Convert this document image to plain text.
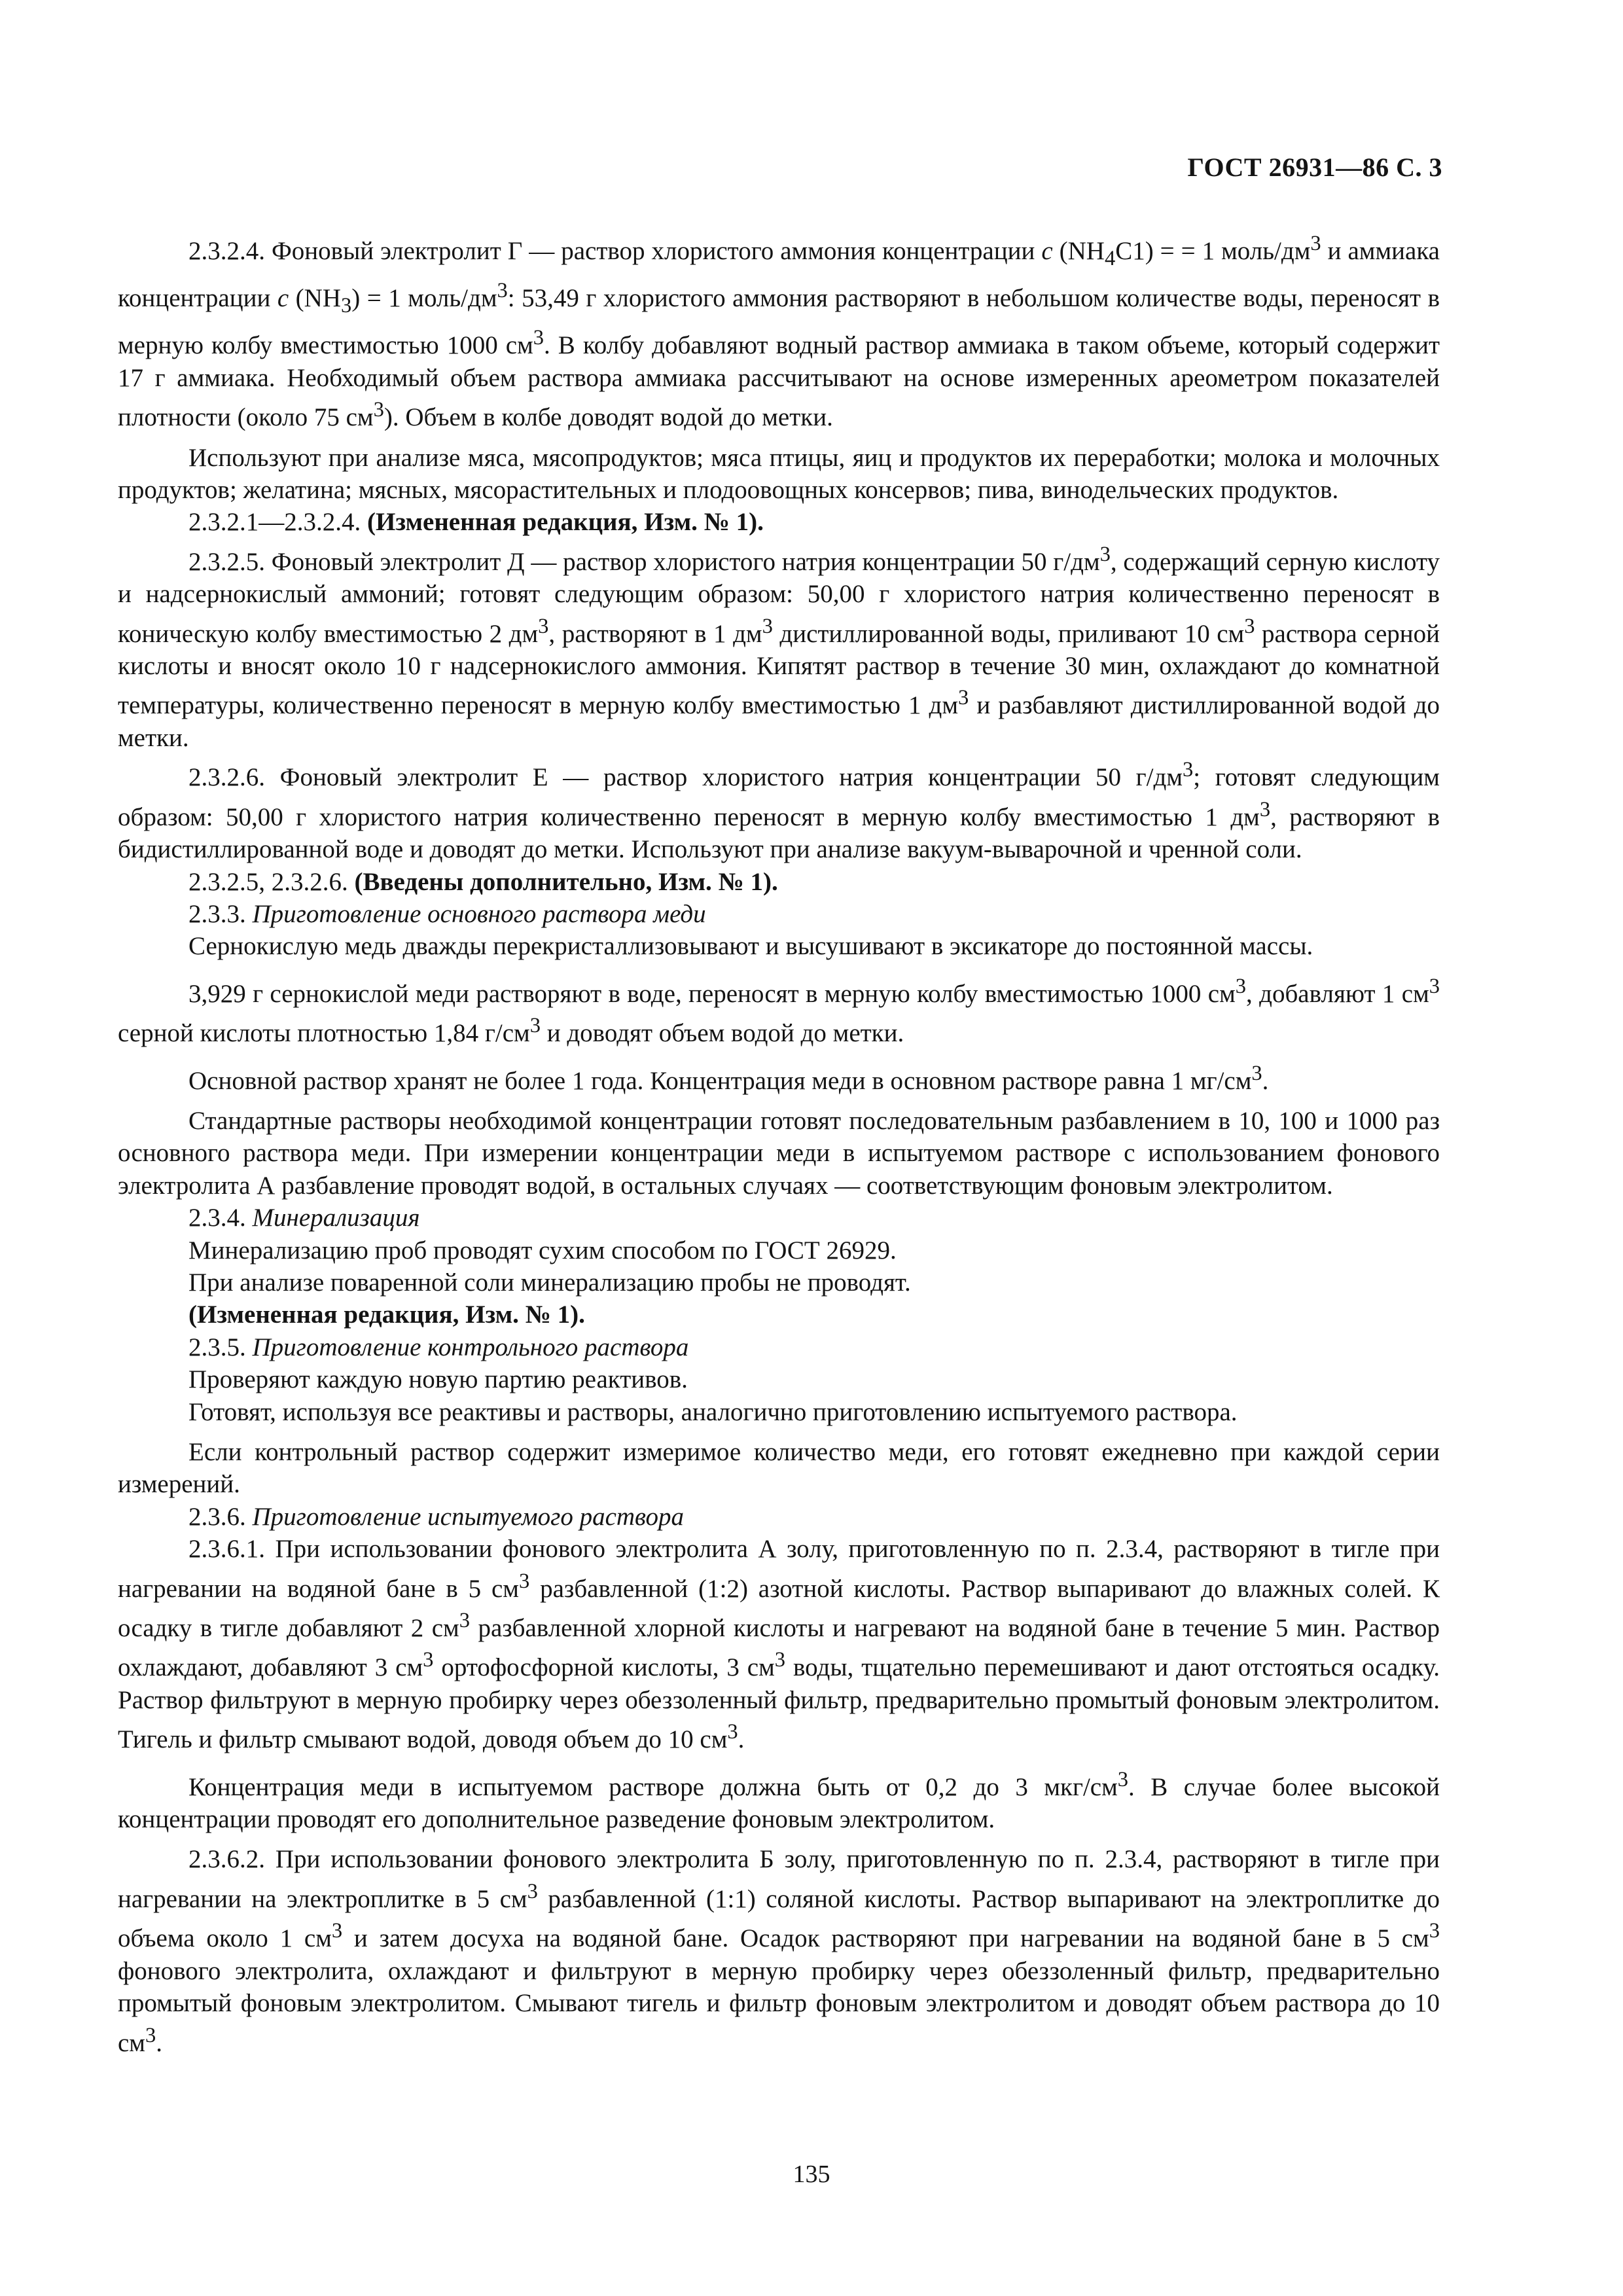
ГОСТ 26931—86 С. 3

2.3.2.4. Фоновый электролит Г — раствор хлористого аммония концентрации с $(NH_4C1)$ = = 1 моль/$дм^3$ и аммиака концентрации с $(NH_3) = 1$ моль/$дм^3$: 53,49 г хлористого аммония растворяют в небольшом количестве воды, переносят в мерную колбу вместимостью 1000 $см^3$. В колбу добавляют водный раствор аммиака в таком объеме, который содержит 17 г аммиака. Необходимый объем раствора аммиака рассчитывают на основе измеренных ареометром показателей плотности (около 75 $см^3$). Объем в колбе доводят водой до метки.

Используют при анализе мяса, мясопродуктов; мяса птицы, яиц и продуктов их переработки; молока и молочных продуктов; желатина; мясных, мясорастительных и плодоовощных консервов; пива, винодельческих продуктов.

2.3.2.1—2.3.2.4. (Измененная редакция, Изм. № 1).

2.3.2.5. Фоновый электролит Д — раствор хлористого натрия концентрации 50 $г/дм^3$, содержащий серную кислоту и надсернокислый аммоний; готовят следующим образом: 50,00 г хлористого натрия количественно переносят в коническую колбу вместимостью 2 $дм^3$, растворяют в 1 $дм^3$ дистиллированной воды, приливают 10 $см^3$ раствора серной кислоты и вносят около 10 г надсернокислого аммония. Кипятят раствор в течение 30 мин, охлаждают до комнатной температуры, количественно переносят в мерную колбу вместимостью 1 $дм^3$ и разбавляют дистиллированной водой до метки.

2.3.2.6. Фоновый электролит Е — раствор хлористого натрия концентрации 50 $г/дм^3$; готовят следующим образом: 50,00 г хлористого натрия количественно переносят в мерную колбу вместимостью 1 $дм^3$, растворяют в бидистиллированной воде и доводят до метки. Используют при анализе вакуум-выварочной и чренной соли.

2.3.2.5, 2.3.2.6. (Введены дополнительно, Изм. № 1).

2.3.3. Приготовление основного раствора меди

Сернокислую медь дважды перекристаллизовывают и высушивают в эксикаторе до постоянной массы.

3,929 г сернокислой меди растворяют в воде, переносят в мерную колбу вместимостью 1000 $см^3$, добавляют 1 $см^3$ серной кислоты плотностью 1,84 $г/см^3$ и доводят объем водой до метки.

Основной раствор хранят не более 1 года. Концентрация меди в основном растворе равна 1 $мг/см^3$.

Стандартные растворы необходимой концентрации готовят последовательным разбавлением в 10, 100 и 1000 раз основного раствора меди. При измерении концентрации меди в испытуемом растворе с использованием фонового электролита А разбавление проводят водой, в остальных случаях — соответствующим фоновым электролитом.

2.3.4. Минерализация

Минерализацию проб проводят сухим способом по ГОСТ 26929.

При анализе поваренной соли минерализацию пробы не проводят.

(Измененная редакция, Изм. № 1).

2.3.5. Приготовление контрольного раствора

Проверяют каждую новую партию реактивов.

Готовят, используя все реактивы и растворы, аналогично приготовлению испытуемого раствора.

Если контрольный раствор содержит измеримое количество меди, его готовят ежедневно при каждой серии измерений.

2.3.6. Приготовление испытуемого раствора

2.3.6.1. При использовании фонового электролита А золу, приготовленную по п. 2.3.4, растворяют в тигле при нагревании на водяной бане в 5 $см^3$ разбавленной (1:2) азотной кислоты. Раствор выпаривают до влажных солей. К осадку в тигле добавляют 2 $см^3$ разбавленной хлорной кислоты и нагревают на водяной бане в течение 5 мин. Раствор охлаждают, добавляют 3 $см^3$ ортофосфорной кислоты, 3 $см^3$ воды, тщательно перемешивают и дают отстояться осадку. Раствор фильтруют в мерную пробирку через обеззоленный фильтр, предварительно промытый фоновым электролитом. Тигель и фильтр смывают водой, доводя объем до 10 $см^3$.

Концентрация меди в испытуемом растворе должна быть от 0,2 до 3 мкг/$см^3$. В случае более высокой концентрации проводят его дополнительное разведение фоновым электролитом.

2.3.6.2. При использовании фонового электролита Б золу, приготовленную по п. 2.3.4, растворяют в тигле при нагревании на электроплитке в 5 $см^3$ разбавленной (1:1) соляной кислоты. Раствор выпаривают на электроплитке до объема около 1 $см^3$ и затем досуха на водяной бане. Осадок растворяют при нагревании на водяной бане в 5 $см^3$ фонового электролита, охлаждают и фильтруют в мерную пробирку через обеззоленный фильтр, предварительно промытый фоновым электролитом. Смывают тигель и фильтр фоновым электролитом и доводят объем раствора до 10 $см^3$.

135
